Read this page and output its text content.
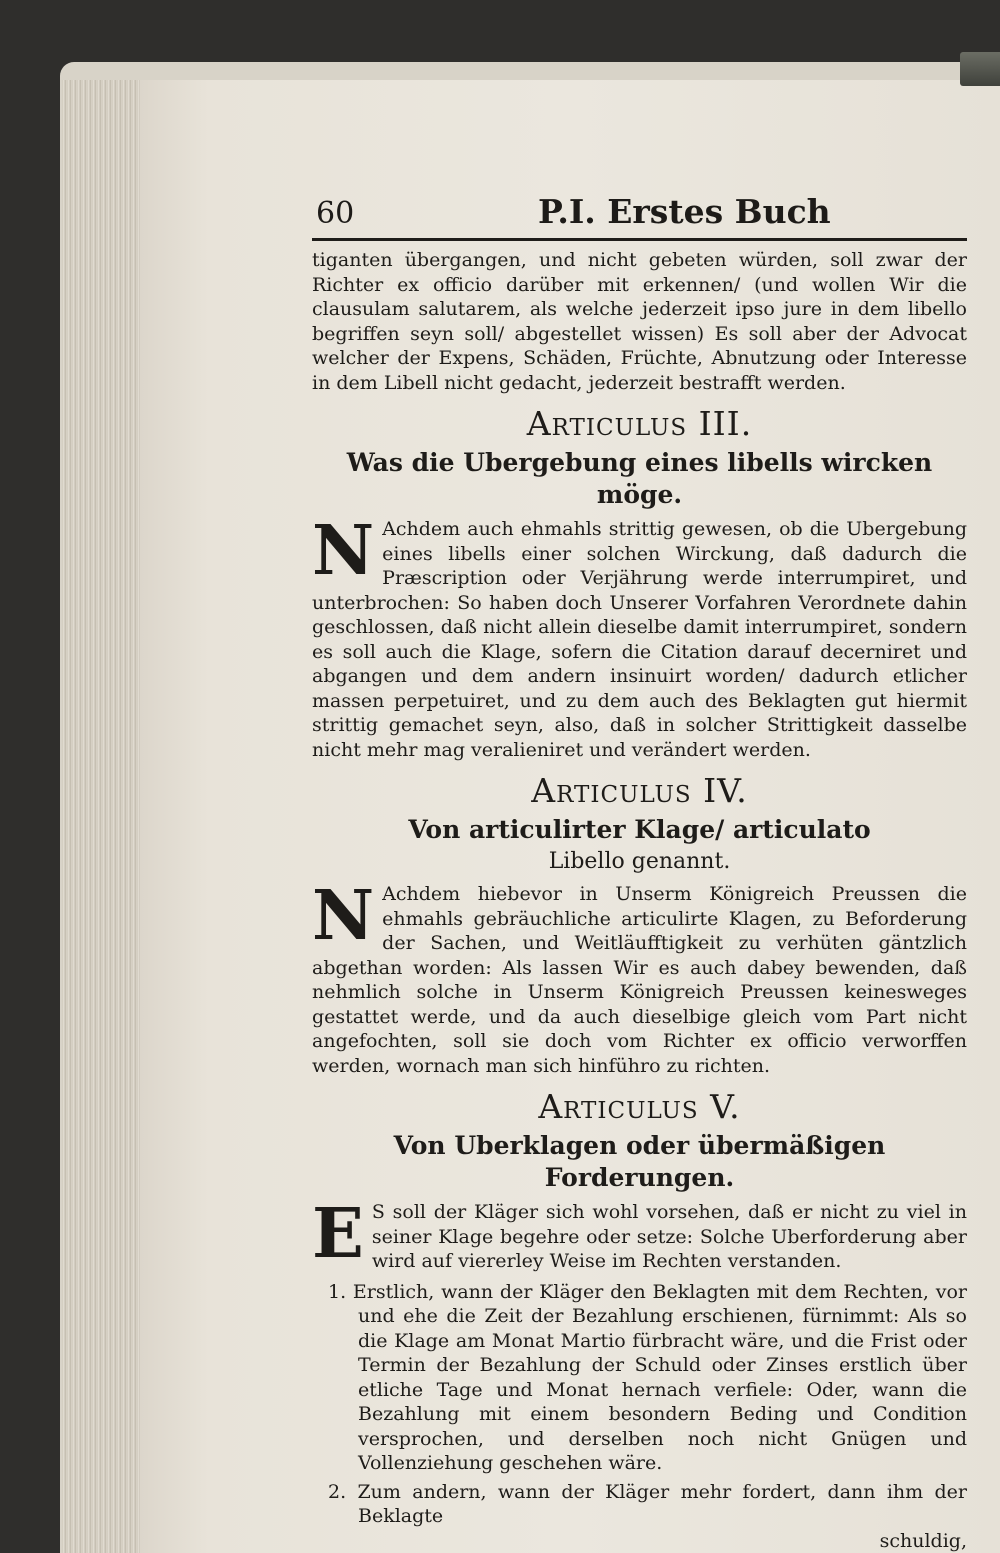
60	P.I. Erstes Buch

tiganten übergangen, und nicht gebeten würden, soll zwar der Richter ex officio darüber mit erkennen/ (und wollen Wir die clausulam salutarem, als welche jederzeit ipso jure in dem libello begriffen seyn soll/ abgestellet wissen) Es soll aber der Advocat welcher der Expens, Schäden, Früchte, Abnutzung oder Interesse in dem Libell nicht gedacht, jederzeit bestrafft werden.

Articulus III.
Was die Ubergebung eines libells wircken möge.

N Achdem auch ehmahls strittig gewesen, ob die Ubergebung eines libells einer solchen Wirckung, daß dadurch die Præscription oder Verjährung werde interrumpiret, und unterbrochen: So haben doch Unserer Vorfahren Verordnete dahin geschlossen, daß nicht allein dieselbe damit interrumpiret, sondern es soll auch die Klage, sofern die Citation darauf decerniret und abgangen und dem andern insinuirt worden/ dadurch etlicher massen perpetuiret, und zu dem auch des Beklagten gut hiermit strittig gemachet seyn, also, daß in solcher Strittigkeit dasselbe nicht mehr mag veralieniret und verändert werden.

Articulus IV.
Von articulirter Klage/ articulato
Libello genannt.

N Achdem hiebevor in Unserm Königreich Preussen die ehmahls gebräuchliche articulirte Klagen, zu Beforderung der Sachen, und Weitläufftigkeit zu verhüten gäntzlich abgethan worden: Als lassen Wir es auch dabey bewenden, daß nehmlich solche in Unserm Königreich Preussen keinesweges gestattet werde, und da auch dieselbige gleich vom Part nicht angefochten, soll sie doch vom Richter ex officio verworffen werden, wornach man sich hinführo zu richten.

Articulus V.
Von Uberklagen oder übermäßigen Forderungen.

E S soll der Kläger sich wohl vorsehen, daß er nicht zu viel in seiner Klage begehre oder setze: Solche Uberforderung aber wird auf viererley Weise im Rechten verstanden.

1. Erstlich, wann der Kläger den Beklagten mit dem Rechten, vor und ehe die Zeit der Bezahlung erschienen, fürnimmt: Als so die Klage am Monat Martio fürbracht wäre, und die Frist oder Termin der Bezahlung der Schuld oder Zinses erstlich über etliche Tage und Monat hernach verfiele: Oder, wann die Bezahlung mit einem besondern Beding und Condition versprochen, und derselben noch nicht Gnügen und Vollenziehung geschehen wäre.

2. Zum andern, wann der Kläger mehr fordert, dann ihm der Beklagte

schuldig,
